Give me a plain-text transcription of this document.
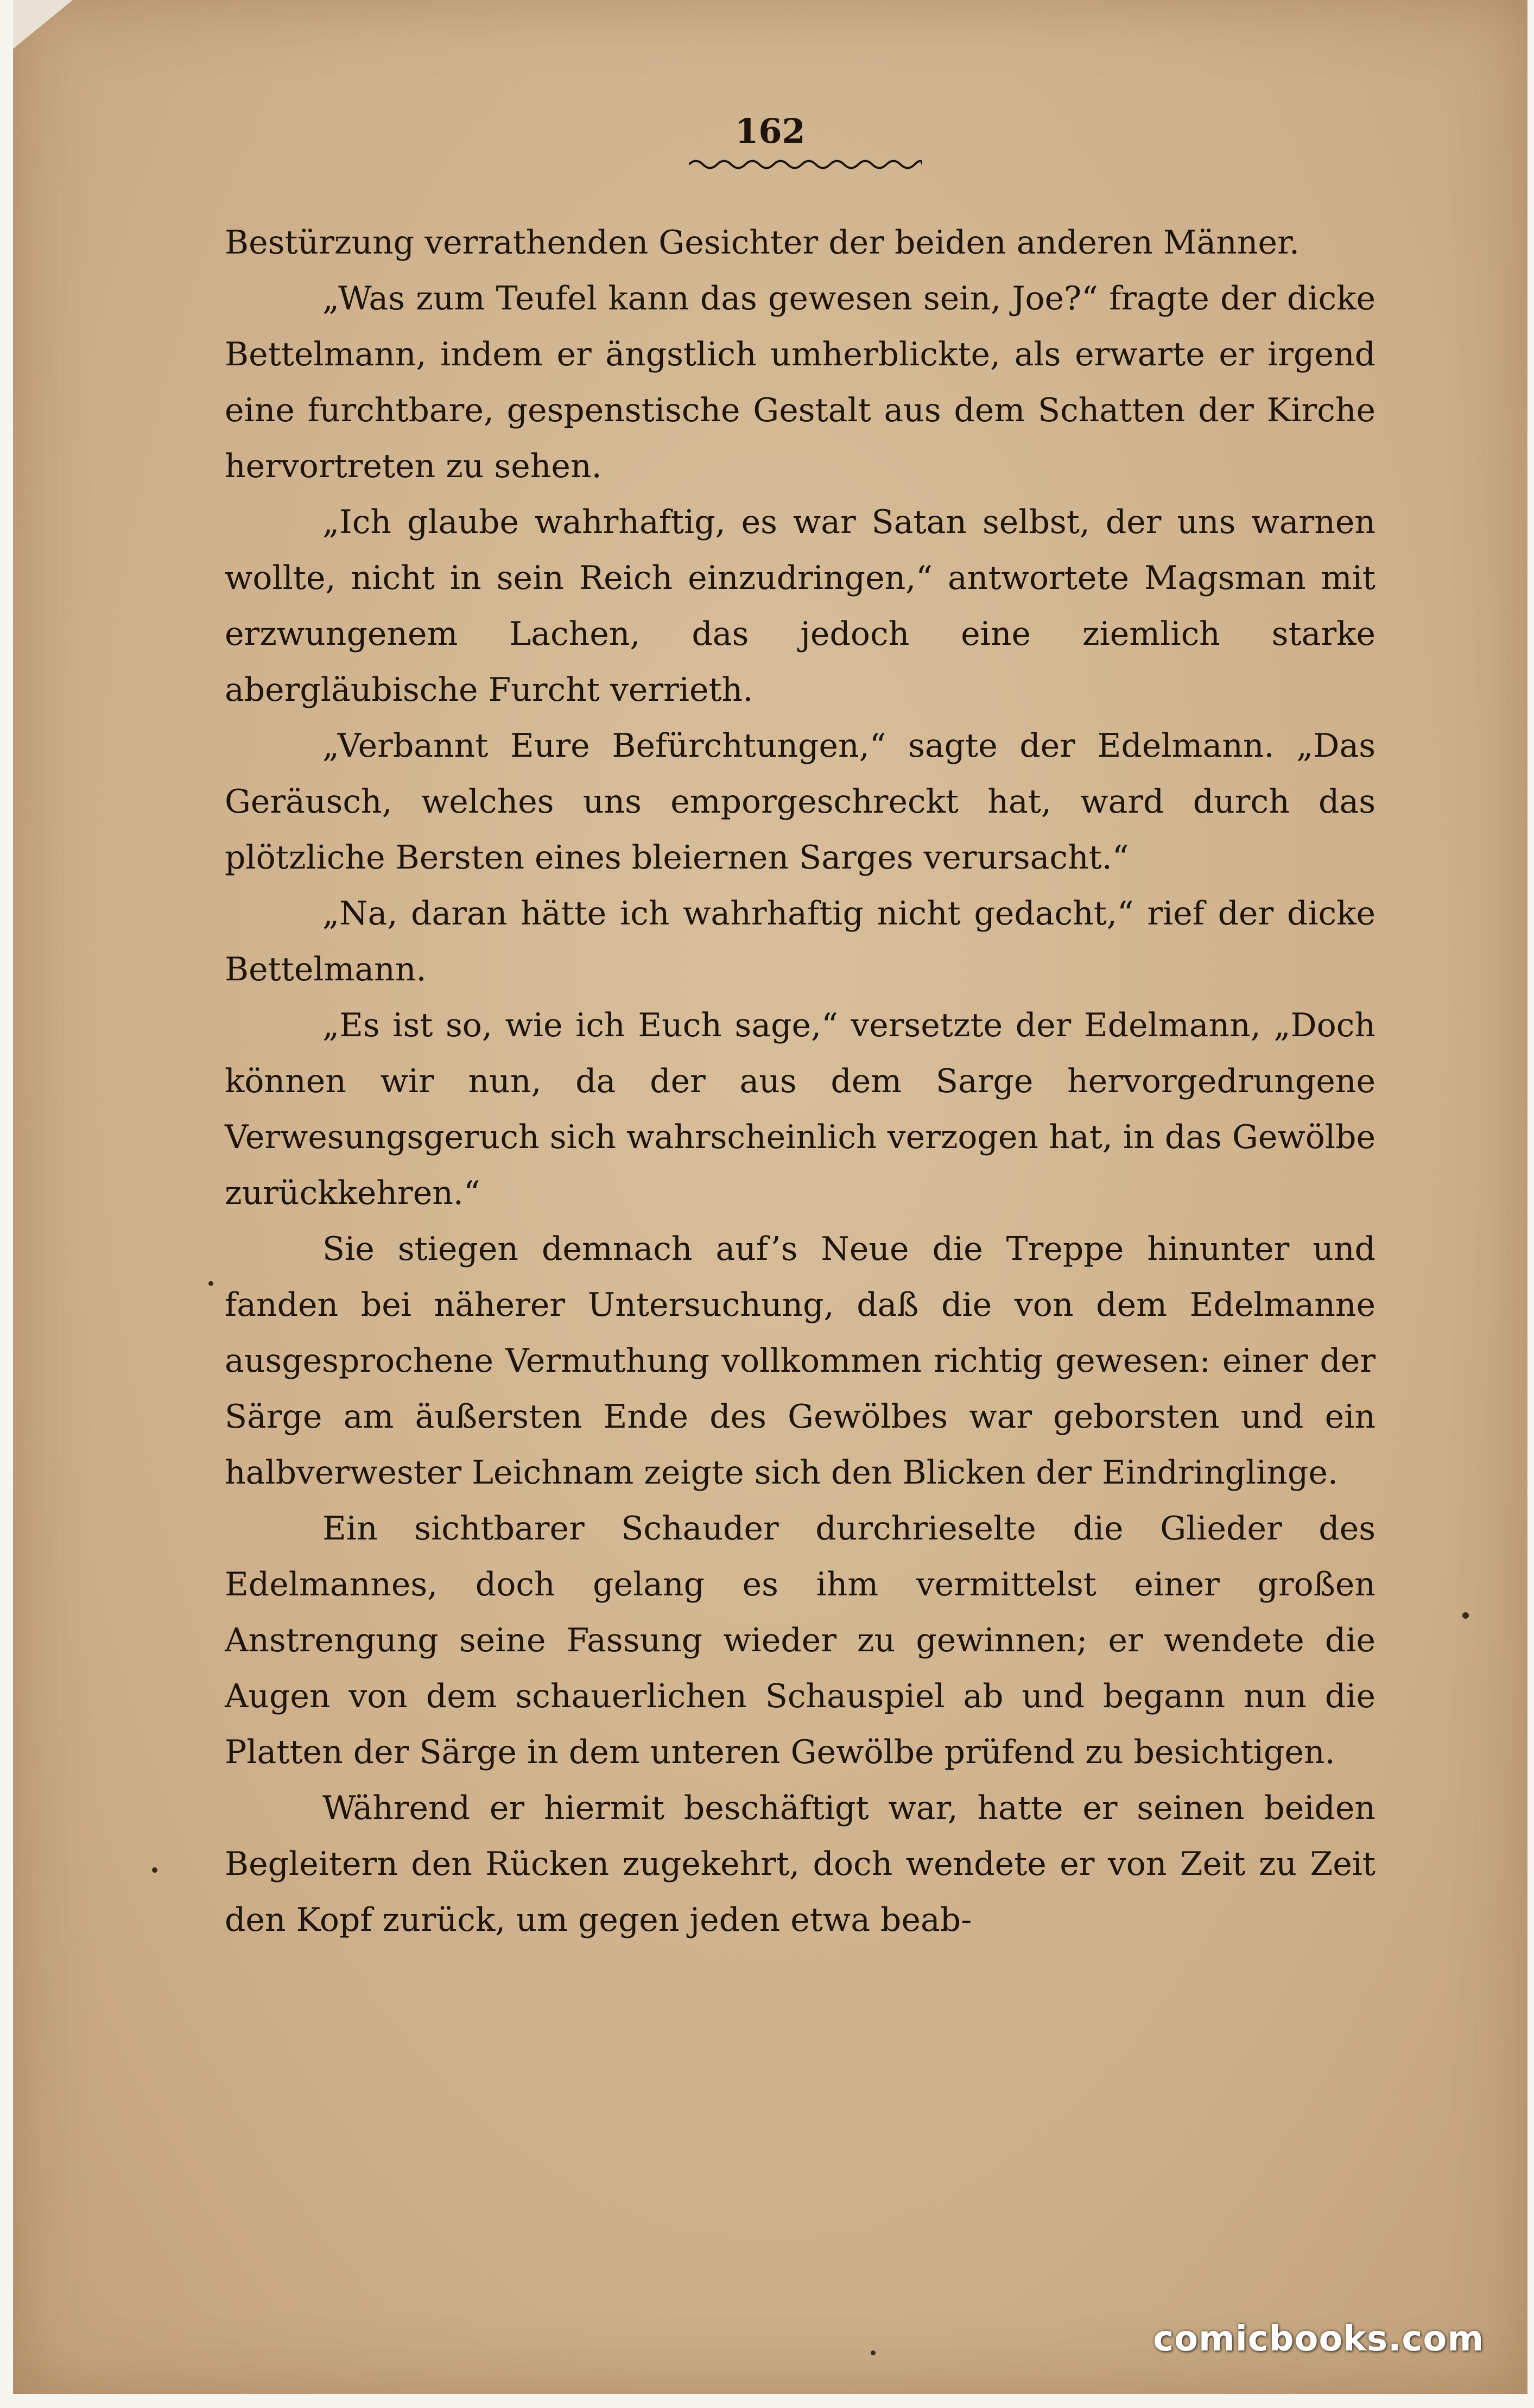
162

Bestürzung verrathenden Gesichter der beiden anderen Männer.

„Was zum Teufel kann das gewesen sein, Joe?“ fragte der dicke Bettelmann, indem er ängstlich umherblickte, als erwarte er irgend eine furchtbare, gespenstische Gestalt aus dem Schatten der Kirche hervortreten zu sehen.

„Ich glaube wahrhaftig, es war Satan selbst, der uns warnen wollte, nicht in sein Reich einzudringen,“ antwortete Magsman mit erzwungenem Lachen, das jedoch eine ziemlich starke abergläubische Furcht verrieth.

„Verbannt Eure Befürchtungen,“ sagte der Edelmann. „Das Geräusch, welches uns emporgeschreckt hat, ward durch das plötzliche Bersten eines bleiernen Sarges verursacht.“

„Na, daran hätte ich wahrhaftig nicht gedacht,“ rief der dicke Bettelmann.

„Es ist so, wie ich Euch sage,“ versetzte der Edelmann, „Doch können wir nun, da der aus dem Sarge hervorgedrungene Verwesungsgeruch sich wahrscheinlich verzogen hat, in das Gewölbe zurückkehren.“

Sie stiegen demnach auf’s Neue die Treppe hinunter und fanden bei näherer Untersuchung, daß die von dem Edelmanne ausgesprochene Vermuthung vollkommen richtig gewesen: einer der Särge am äußersten Ende des Gewölbes war geborsten und ein halbverwester Leichnam zeigte sich den Blicken der Eindringlinge.

Ein sichtbarer Schauder durchrieselte die Glieder des Edelmannes, doch gelang es ihm vermittelst einer großen Anstrengung seine Fassung wieder zu gewinnen; er wendete die Augen von dem schauerlichen Schauspiel ab und begann nun die Platten der Särge in dem unteren Gewölbe prüfend zu besichtigen.

Während er hiermit beschäftigt war, hatte er seinen beiden Begleitern den Rücken zugekehrt, doch wendete er von Zeit zu Zeit den Kopf zurück, um gegen jeden etwa beab-

comicbooks.com
